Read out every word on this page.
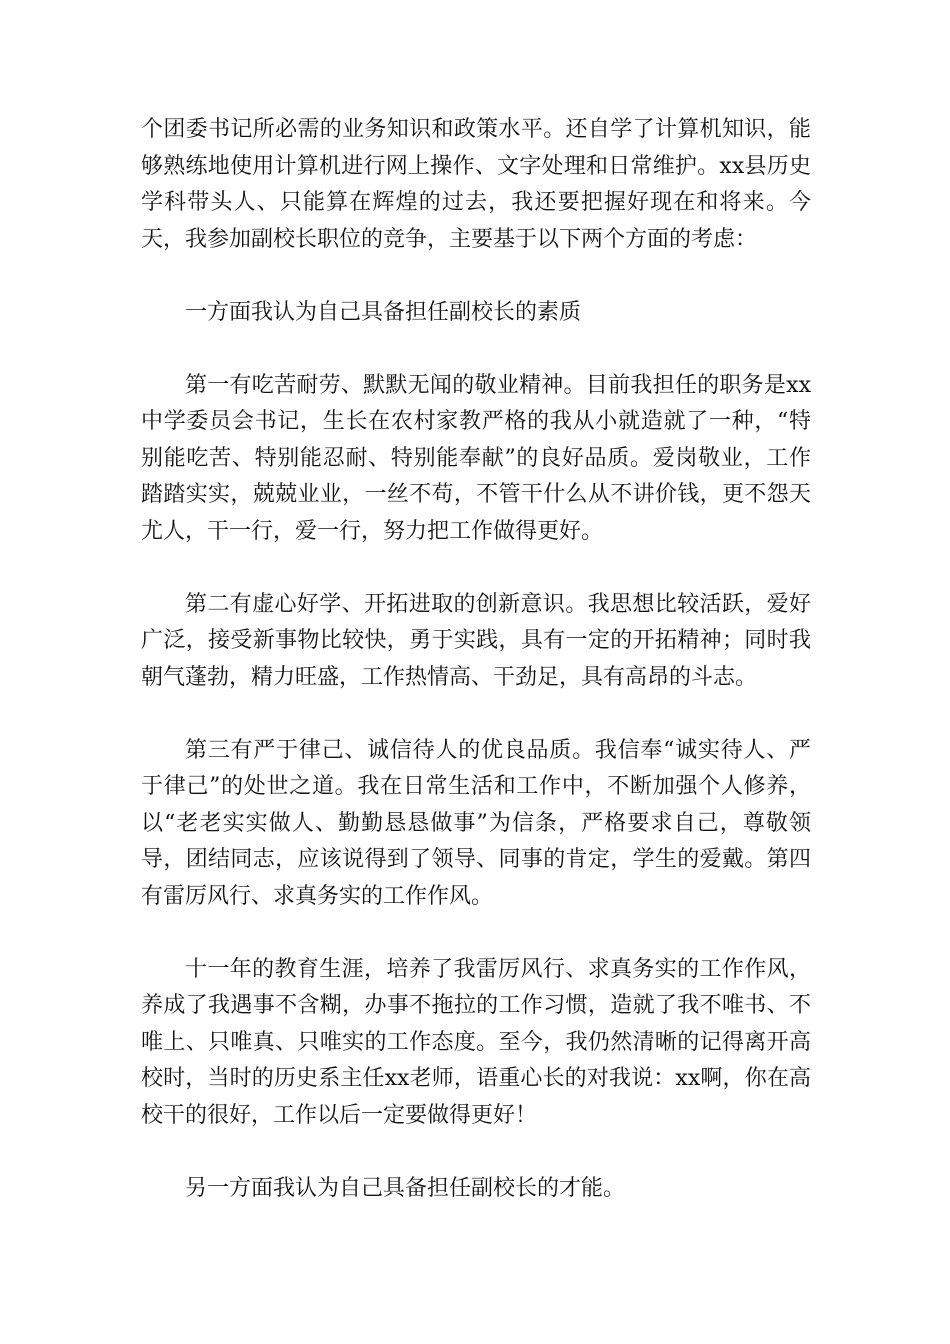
个团委书记所必需的业务知识和政策水平。还自学了计算机知识，能够熟练地使用计算机进行网上操作、文字处理和日常维护。xx县历史学科带头人、只能算在辉煌的过去，我还要把握好现在和将来。今天，我参加副校长职位的竞争，主要基于以下两个方面的考虑：

一方面我认为自己具备担任副校长的素质

第一有吃苦耐劳、默默无闻的敬业精神。目前我担任的职务是xx中学委员会书记，生长在农村家教严格的我从小就造就了一种，“特别能吃苦、特别能忍耐、特别能奉献”的良好品质。爱岗敬业，工作踏踏实实，兢兢业业，一丝不苟，不管干什么从不讲价钱，更不怨天尤人，干一行，爱一行，努力把工作做得更好。

第二有虚心好学、开拓进取的创新意识。我思想比较活跃，爱好广泛，接受新事物比较快，勇于实践，具有一定的开拓精神；同时我朝气蓬勃，精力旺盛，工作热情高、干劲足，具有高昂的斗志。

第三有严于律己、诚信待人的优良品质。我信奉“诚实待人、严于律己”的处世之道。我在日常生活和工作中，不断加强个人修养，以“老老实实做人、勤勤恳恳做事”为信条，严格要求自己，尊敬领导，团结同志，应该说得到了领导、同事的肯定，学生的爱戴。第四有雷厉风行、求真务实的工作作风。

十一年的教育生涯，培养了我雷厉风行、求真务实的工作作风，养成了我遇事不含糊，办事不拖拉的工作习惯，造就了我不唯书、不唯上、只唯真、只唯实的工作态度。至今，我仍然清晰的记得离开高校时，当时的历史系主任xx老师，语重心长的对我说：xx啊，你在高校干的很好，工作以后一定要做得更好！

另一方面我认为自己具备担任副校长的才能。
